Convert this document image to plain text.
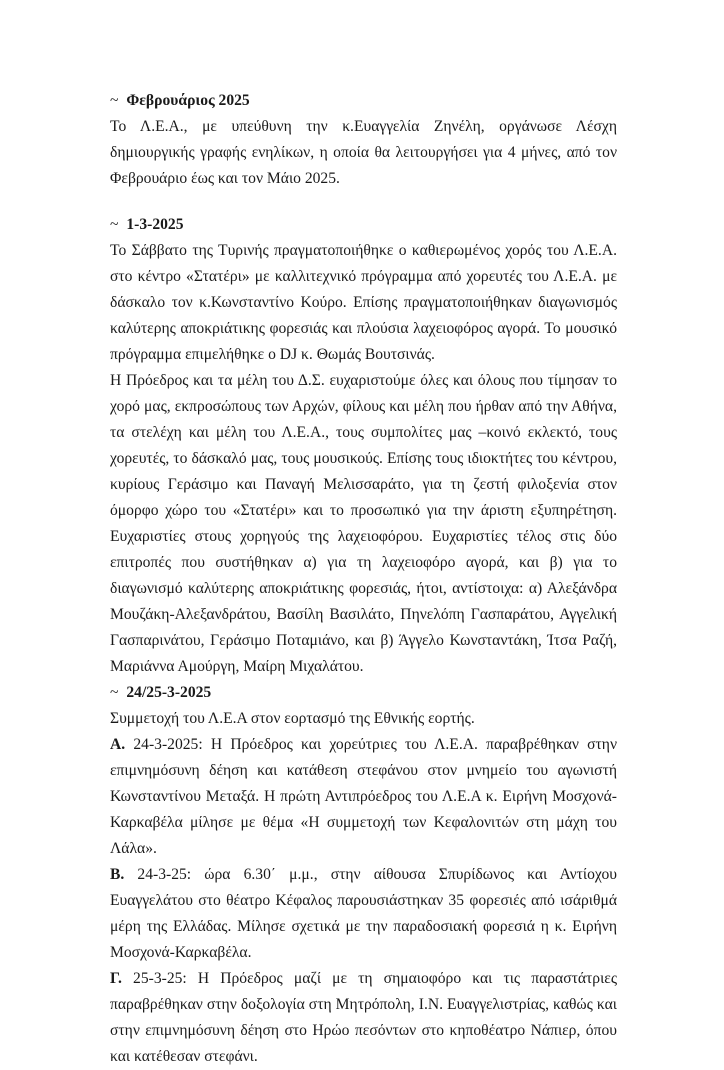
~ Φεβρουάριος 2025

Το Λ.Ε.Α., με υπεύθυνη την κ.Ευαγγελία Ζηνέλη, οργάνωσε Λέσχη δημιουργικής γραφής ενηλίκων, η οποία θα λειτουργήσει για 4 μήνες, από τον Φεβρουάριο έως και τον Μάιο 2025.

~ 1-3-2025

Το Σάββατο της Τυρινής πραγματοποιήθηκε ο καθιερωμένος χορός του Λ.Ε.Α. στο κέντρο «Στατέρι» με καλλιτεχνικό πρόγραμμα από χορευτές του Λ.Ε.Α. με δάσκαλο τον κ.Κωνσταντίνο Κούρο. Επίσης πραγματοποιήθηκαν διαγωνισμός καλύτερης αποκριάτικης φορεσιάς και πλούσια λαχειοφόρος αγορά. Το μουσικό πρόγραμμα επιμελήθηκε ο DJ κ. Θωμάς Βουτσινάς.

Η Πρόεδρος και τα μέλη του Δ.Σ. ευχαριστούμε όλες και όλους που τίμησαν το χορό μας, εκπροσώπους των Αρχών, φίλους και μέλη που ήρθαν από την Αθήνα, τα στελέχη και μέλη του Λ.Ε.Α., τους συμπολίτες μας –κοινό εκλεκτό, τους χορευτές, το δάσκαλό μας, τους μουσικούς. Επίσης τους ιδιοκτήτες του κέντρου, κυρίους Γεράσιμο και Παναγή Μελισσαράτο, για τη ζεστή φιλοξενία στον όμορφο χώρο του «Στατέρι» και το προσωπικό για την άριστη εξυπηρέτηση. Ευχαριστίες στους χορηγούς της λαχειοφόρου. Ευχαριστίες τέλος στις δύο επιτροπές που συστήθηκαν α) για τη λαχειοφόρο αγορά, και β) για το διαγωνισμό καλύτερης αποκριάτικης φορεσιάς, ήτοι, αντίστοιχα: α) Αλεξάνδρα Μουζάκη-Αλεξανδράτου, Βασίλη Βασιλάτο, Πηνελόπη Γασπαράτου, Αγγελική Γασπαρινάτου, Γεράσιμο Ποταμιάνο, και β) Άγγελο Κωνσταντάκη, Ίτσα Ραζή, Μαριάννα Αμούργη, Μαίρη Μιχαλάτου.

~ 24/25-3-2025

Συμμετοχή του Λ.Ε.Α στον εορτασμό της Εθνικής εορτής.

Α. 24-3-2025: Η Πρόεδρος και χορεύτριες του Λ.Ε.Α. παραβρέθηκαν στην επιμνημόσυνη δέηση και κατάθεση στεφάνου στον μνημείο του αγωνιστή Κωνσταντίνου Μεταξά. Η πρώτη Αντιπρόεδρος του Λ.Ε.Α κ. Ειρήνη Μοσχονά-Καρκαβέλα μίλησε με θέμα «Η συμμετοχή των Κεφαλονιτών στη μάχη του Λάλα».

Β. 24-3-25: ώρα 6.30΄ μ.μ., στην αίθουσα Σπυρίδωνος και Αντίοχου Ευαγγελάτου στο θέατρο Κέφαλος παρουσιάστηκαν 35 φορεσιές από ισάριθμά μέρη της Ελλάδας. Μίλησε σχετικά με την παραδοσιακή φορεσιά η κ. Ειρήνη Μοσχονά-Καρκαβέλα.

Γ. 25-3-25: Η Πρόεδρος μαζί με τη σημαιοφόρο και τις παραστάτριες παραβρέθηκαν στην δοξολογία στη Μητρόπολη, Ι.Ν. Ευαγγελιστρίας, καθώς και στην επιμνημόσυνη δέηση στο Ηρώο πεσόντων στο κηποθέατρο Νάπιερ, όπου και κατέθεσαν στεφάνι.
